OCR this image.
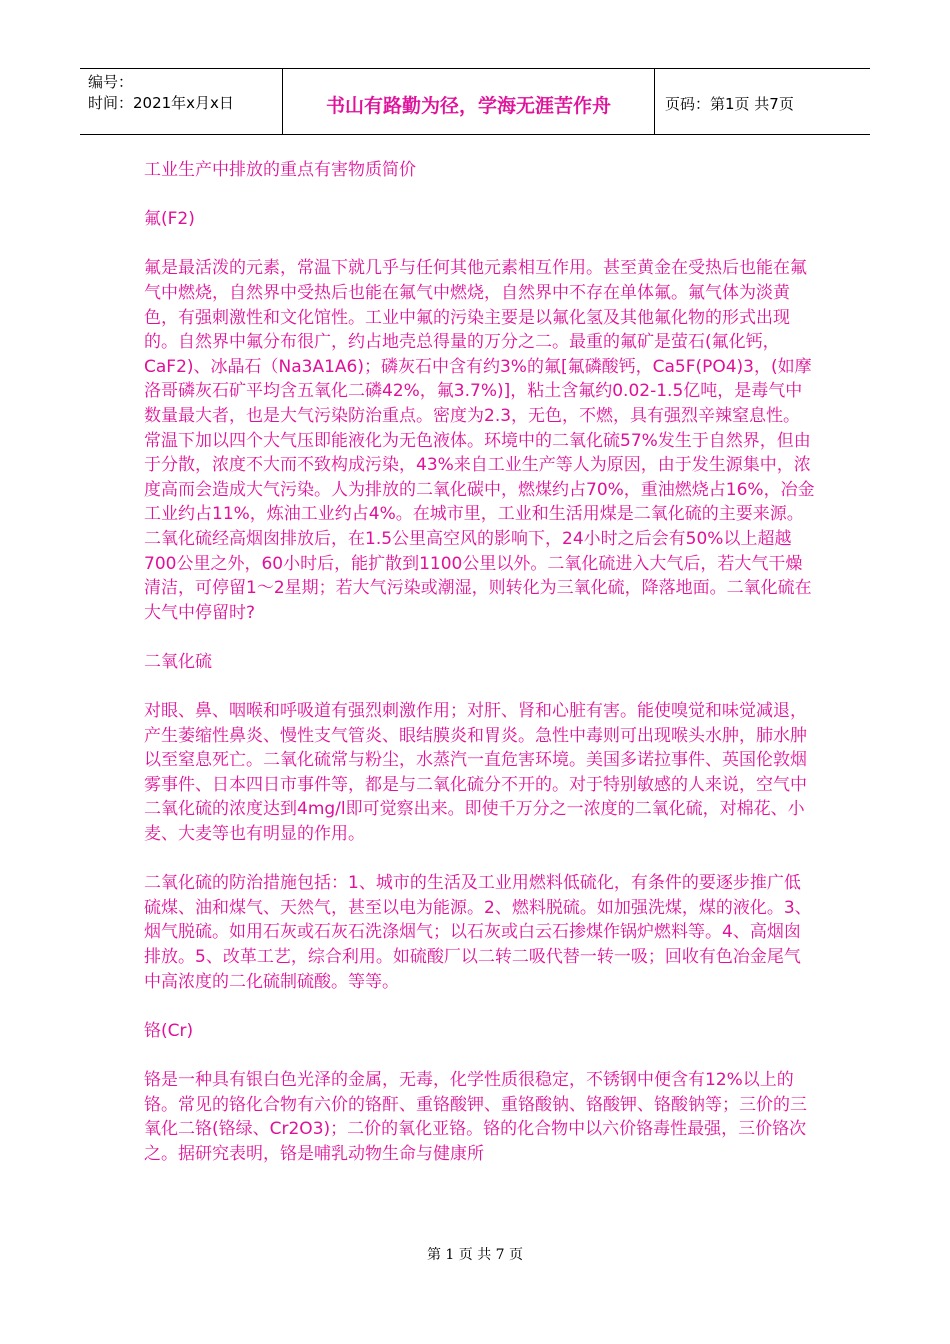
编号：
时间：2021年x月x日	书山有路勤为径，学海无涯苦作舟	页码：第1页 共7页

工业生产中排放的重点有害物质简价

氟(F2)

氟是最活泼的元素，常温下就几乎与任何其他元素相互作用。甚至黄金在受热后也能在氟气中燃烧，自然界中受热后也能在氟气中燃烧，自然界中不存在单体氟。氟气体为淡黄色，有强刺激性和文化馆性。工业中氟的污染主要是以氟化氢及其他氟化物的形式出现的。自然界中氟分布很广，约占地壳总得量的万分之二。最重的氟矿是萤石(氟化钙，CaF2)、冰晶石（Na3A1A6)；磷灰石中含有约3%的氟[氟磷酸钙，Ca5F(PO4)3，(如摩洛哥磷灰石矿平均含五氧化二磷42%，氟3.7%)]，粘土含氟约0.02-1.5亿吨，是毒气中数量最大者，也是大气污染防治重点。密度为2.3，无色，不燃，具有强烈辛辣窒息性。常温下加以四个大气压即能液化为无色液体。环境中的二氧化硫57%发生于自然界，但由于分散，浓度不大而不致构成污染，43%来自工业生产等人为原因，由于发生源集中，浓度高而会造成大气污染。人为排放的二氧化碳中，燃煤约占70%，重油燃烧占16%，冶金工业约占11%，炼油工业约占4%。在城市里，工业和生活用煤是二氧化硫的主要来源。二氧化硫经高烟囱排放后，在1.5公里高空风的影响下，24小时之后会有50%以上超越700公里之外，60小时后，能扩散到1100公里以外。二氧化硫进入大气后，若大气干燥清洁，可停留1～2星期；若大气污染或潮湿，则转化为三氧化硫，降落地面。二氧化硫在大气中停留时?

二氧化硫

对眼、鼻、咽喉和呼吸道有强烈刺激作用；对肝、肾和心脏有害。能使嗅觉和味觉减退，产生萎缩性鼻炎、慢性支气管炎、眼结膜炎和胃炎。急性中毒则可出现喉头水肿，肺水肿以至窒息死亡。二氧化硫常与粉尘，水蒸汽一直危害环境。美国多诺拉事件、英国伦敦烟雾事件、日本四日市事件等，都是与二氧化硫分不开的。对于特别敏感的人来说，空气中二氧化硫的浓度达到4mg/l即可觉察出来。即使千万分之一浓度的二氧化硫，对棉花、小麦、大麦等也有明显的作用。

二氧化硫的防治措施包括：1、城市的生活及工业用燃料低硫化，有条件的要逐步推广低硫煤、油和煤气、天然气，甚至以电为能源。2、燃料脱硫。如加强洗煤，煤的液化。3、烟气脱硫。如用石灰或石灰石洗涤烟气；以石灰或白云石掺煤作锅炉燃料等。4、高烟囱排放。5、改革工艺，综合利用。如硫酸厂以二转二吸代替一转一吸；回收有色冶金尾气中高浓度的二化硫制硫酸。等等。

铬(Cr)

铬是一种具有银白色光泽的金属，无毒，化学性质很稳定，不锈钢中便含有12%以上的铬。常见的铬化合物有六价的铬酐、重铬酸钾、重铬酸钠、铬酸钾、铬酸钠等；三价的三氧化二铬(铬绿、Cr2O3)；二价的氧化亚铬。铬的化合物中以六价铬毒性最强，三价铬次之。据研究表明，铬是哺乳动物生命与健康所

第 1 页 共 7 页
